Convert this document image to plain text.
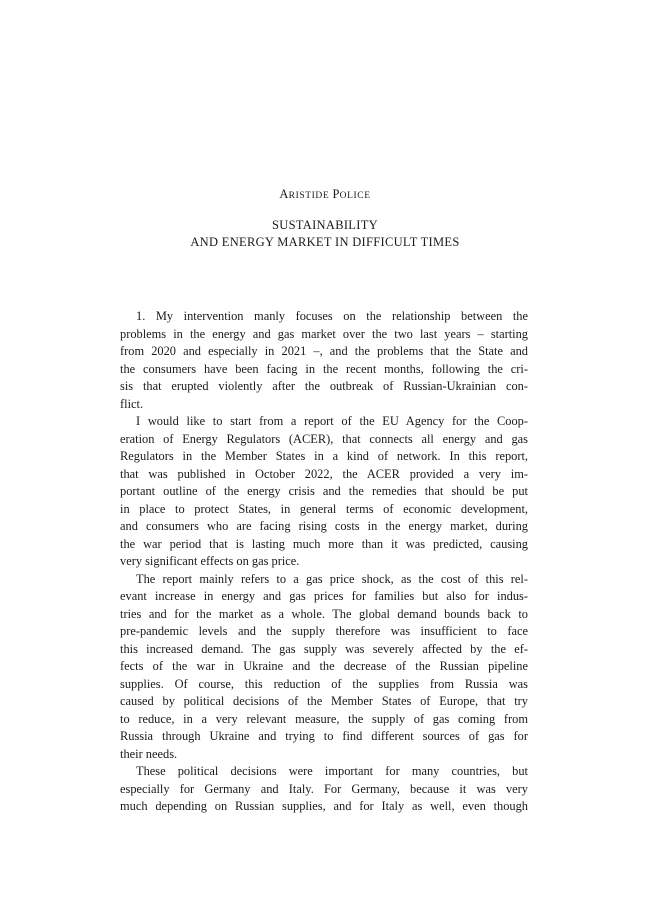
ARISTIDE POLICE
SUSTAINABILITY
AND ENERGY MARKET IN DIFFICULT TIMES
1. My intervention manly focuses on the relationship between the
problems in the energy and gas market over the two last years – starting
from 2020 and especially in 2021 –, and the problems that the State and
the consumers have been facing in the recent months, following the cri-
sis that erupted violently after the outbreak of Russian-Ukrainian con-
flict.
I would like to start from a report of the EU Agency for the Coop-
eration of Energy Regulators (ACER), that connects all energy and gas
Regulators in the Member States in a kind of network. In this report,
that was published in October 2022, the ACER provided a very im-
portant outline of the energy crisis and the remedies that should be put
in place to protect States, in general terms of economic development,
and consumers who are facing rising costs in the energy market, during
the war period that is lasting much more than it was predicted, causing
very significant effects on gas price.
The report mainly refers to a gas price shock, as the cost of this rel-
evant increase in energy and gas prices for families but also for indus-
tries and for the market as a whole. The global demand bounds back to
pre-pandemic levels and the supply therefore was insufficient to face
this increased demand. The gas supply was severely affected by the ef-
fects of the war in Ukraine and the decrease of the Russian pipeline
supplies. Of course, this reduction of the supplies from Russia was
caused by political decisions of the Member States of Europe, that try
to reduce, in a very relevant measure, the supply of gas coming from
Russia through Ukraine and trying to find different sources of gas for
their needs.
These political decisions were important for many countries, but
especially for Germany and Italy. For Germany, because it was very
much depending on Russian supplies, and for Italy as well, even though
